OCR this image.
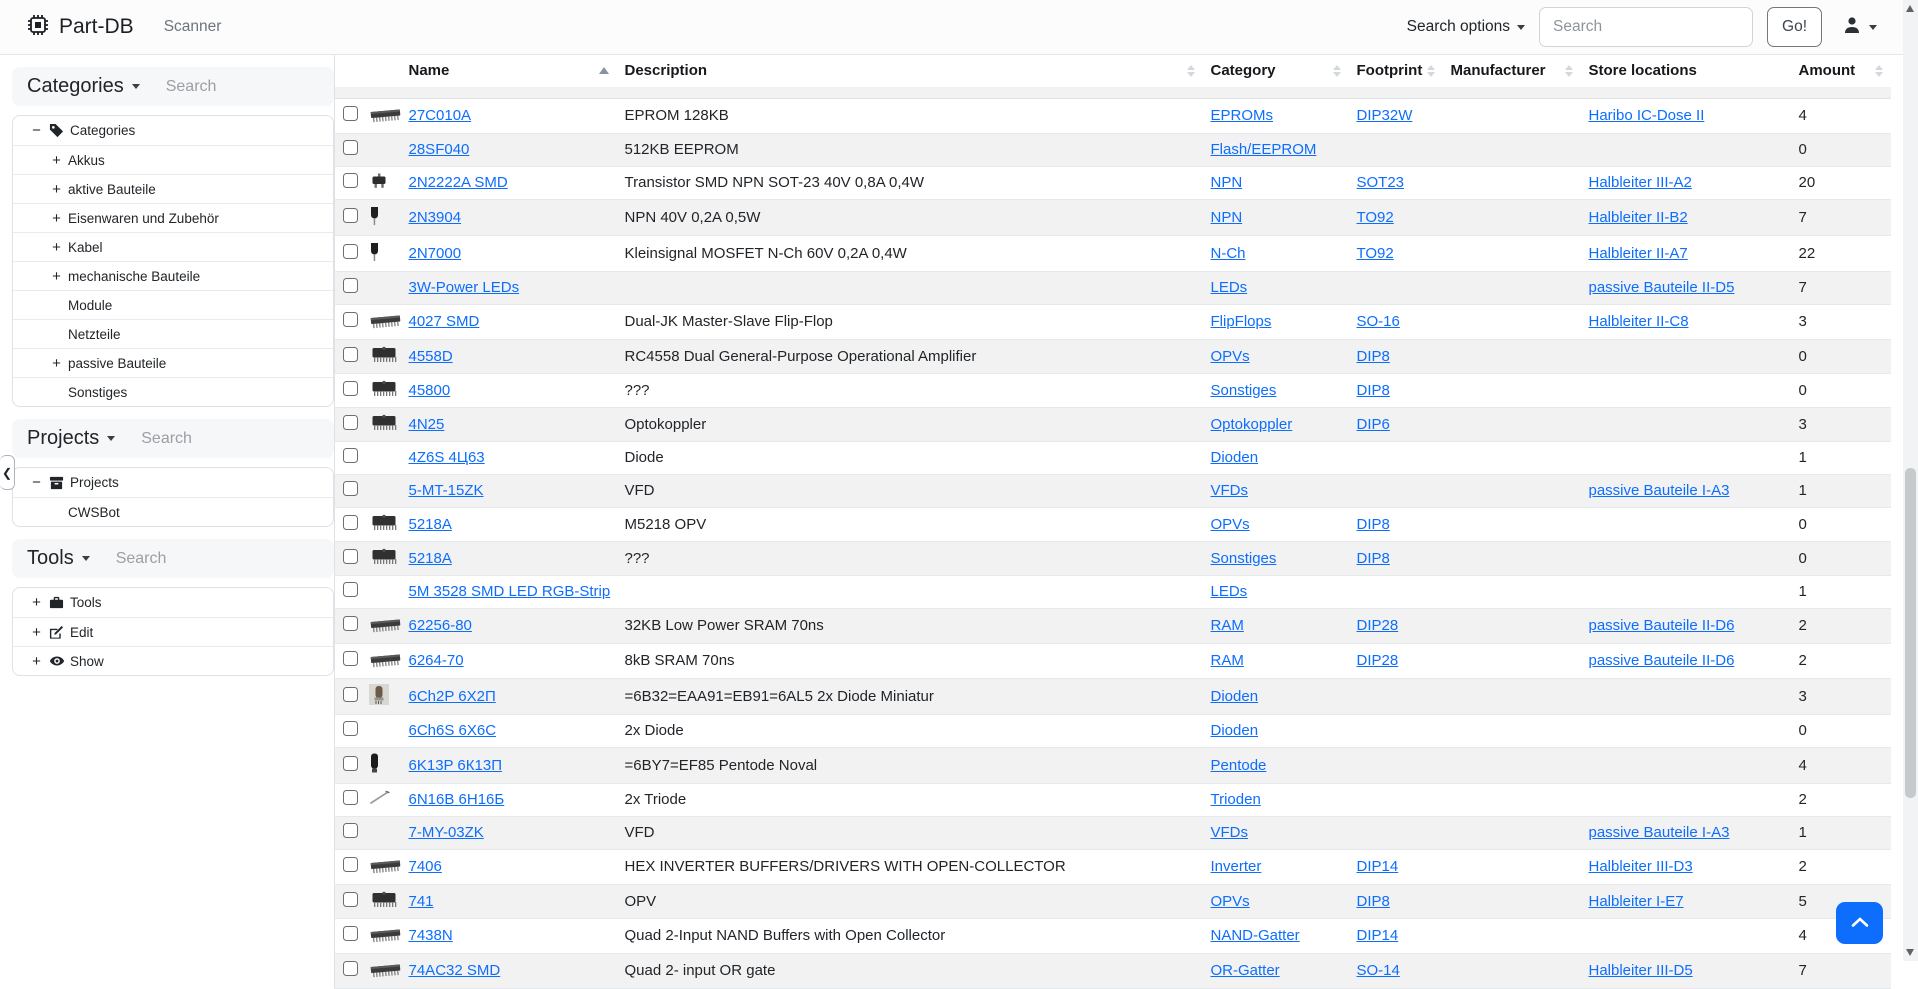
Part-DB Scanner	Search options
Search	Go!
Categories
Search
− Categories
+ Akkus
+ aktive Bauteile
+ Eisenwaren und Zubehör
+ Kabel
+ mechanische Bauteile
Module
Netzteile
+ passive Bauteile
Sonstiges
Projects
Search
− Projects
CWSBot
Tools
Search
+ Tools
+ Edit
+ Show
❮

		Name	Description	Category	Footprint	Manufacturer	Store locations	Amount

	27C010A	EPROM 128KB	EPROMs	DIP32W		Haribo IC-Dose II	4
		28SF040	512KB EEPROM	Flash/EEPROM				0

	2N2222A SMD	Transistor SMD NPN SOT-23 40V 0,8A 0,4W	NPN	SOT23		Halbleiter III-A2	20

	2N3904	NPN 40V 0,2A 0,5W	NPN	TO92		Halbleiter II-B2	7

	2N7000	Kleinsignal MOSFET N-Ch 60V 0,2A 0,4W	N-Ch	TO92		Halbleiter II-A7	22
		3W-Power LEDs		LEDs			passive Bauteile II-D5	7

	4027 SMD	Dual-JK Master-Slave Flip-Flop	FlipFlops	SO-16		Halbleiter II-C8	3

	4558D	RC4558 Dual General-Purpose Operational Amplifier	OPVs	DIP8			0

	45800	???	Sonstiges	DIP8			0

	4N25	Optokoppler	Optokoppler	DIP6			3
		4Z6S 4Ц63	Diode	Dioden				1
		5-MT-15ZK	VFD	VFDs			passive Bauteile I-A3	1

	5218A	M5218 OPV	OPVs	DIP8			0

	5218A	???	Sonstiges	DIP8			0
		5M 3528 SMD LED RGB-Strip		LEDs				1

	62256-80	32KB Low Power SRAM 70ns	RAM	DIP28		passive Bauteile II-D6	2

	6264-70	8kB SRAM 70ns	RAM	DIP28		passive Bauteile II-D6	2

	6Ch2P 6Х2П	=6B32=EAA91=EB91=6AL5 2x Diode Miniatur	Dioden				3
		6Ch6S 6X6C	2x Diode	Dioden				0

	6K13P 6К13П	=6BY7=EF85 Pentode Noval	Pentode				4

	6N16B 6Н16Б	2x Triode	Trioden				2
		7-MY-03ZK	VFD	VFDs			passive Bauteile I-A3	1

	7406	HEX INVERTER BUFFERS/DRIVERS WITH OPEN-COLLECTOR	Inverter	DIP14		Halbleiter III-D3	2

	741	OPV	OPVs	DIP8		Halbleiter I-E7	5

	7438N	Quad 2-Input NAND Buffers with Open Collector	NAND-Gatter	DIP14			4

	74AC32 SMD	Quad 2- input OR gate	OR-Gatter	SO-14		Halbleiter III-D5	7
